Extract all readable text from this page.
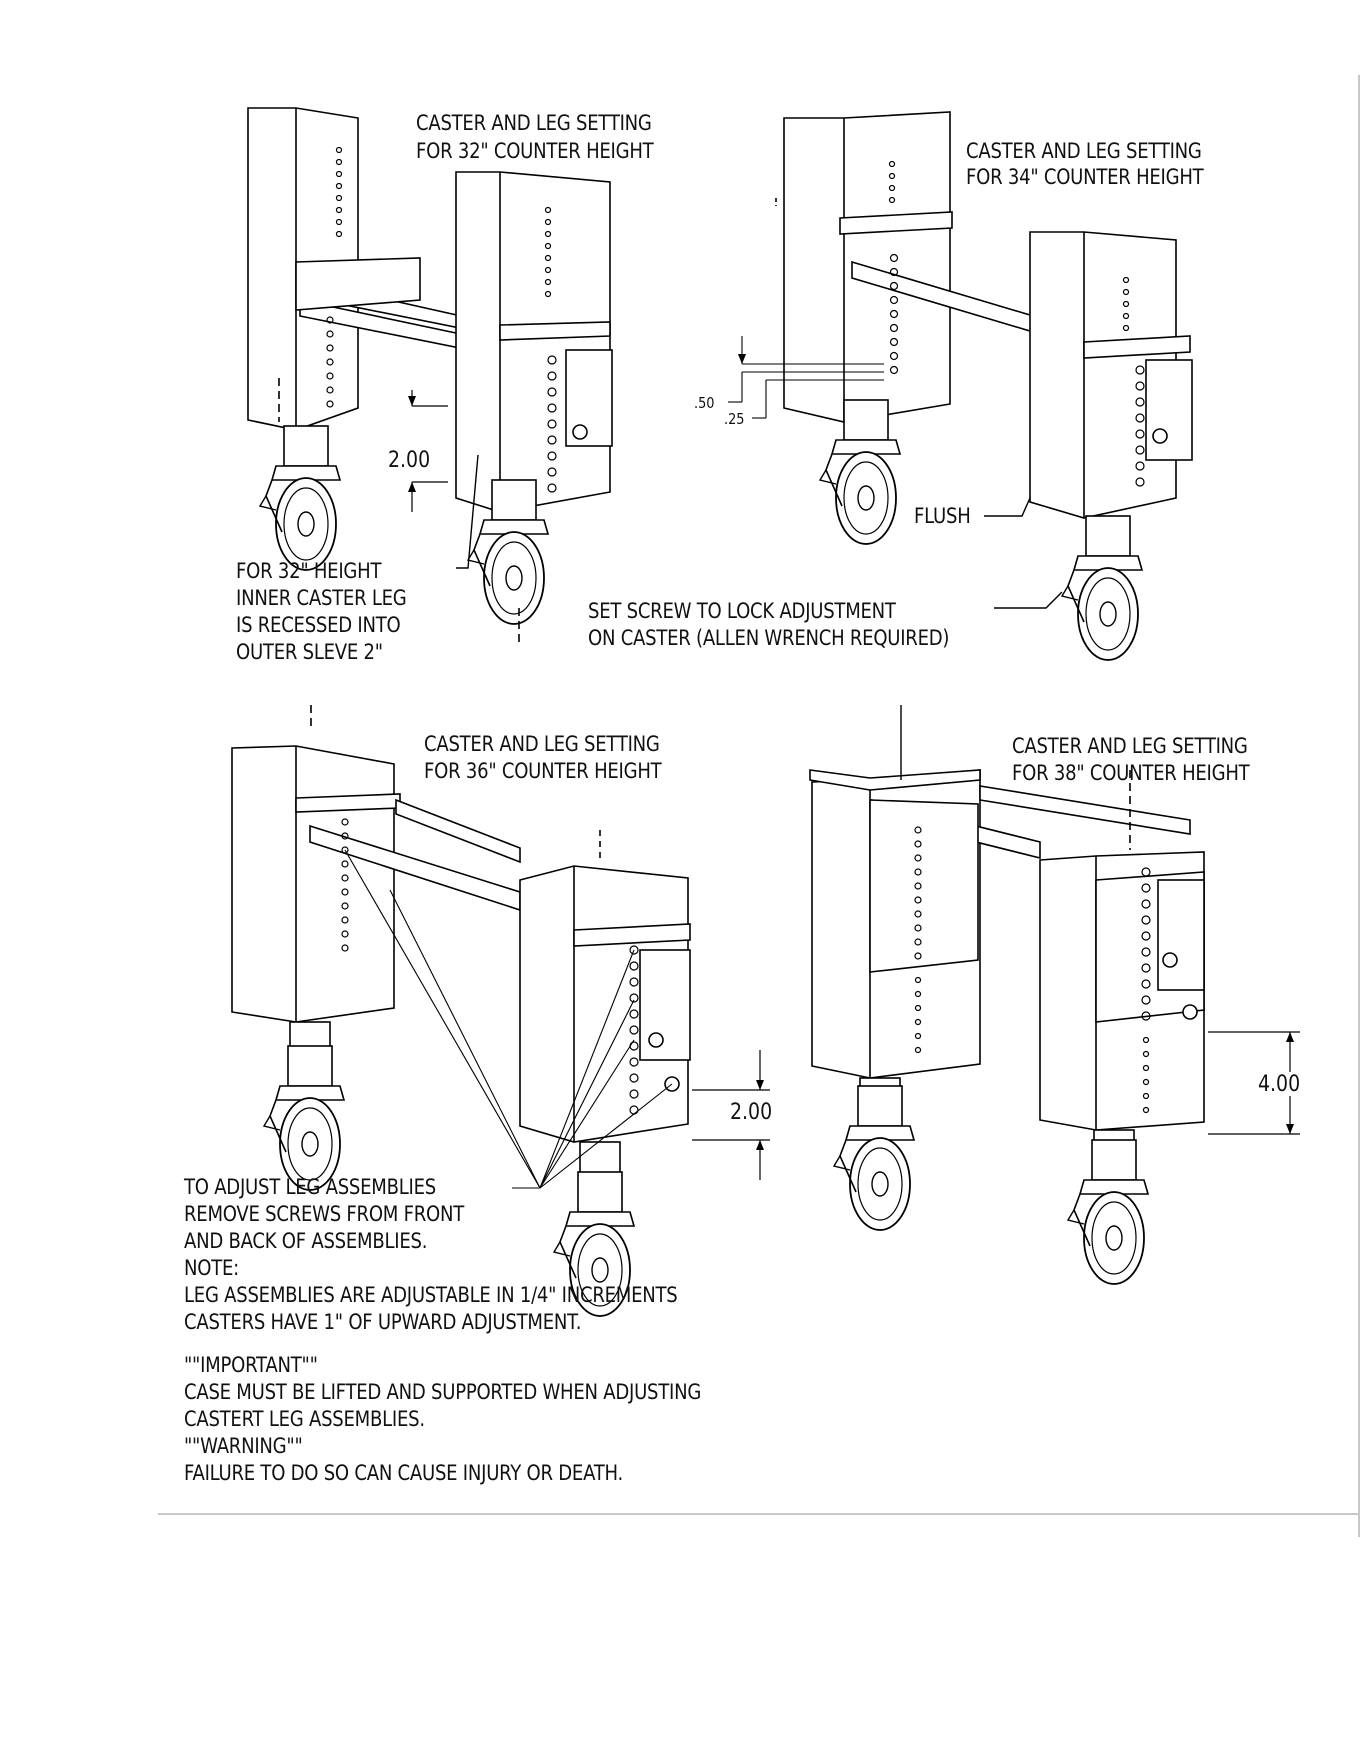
CASTER AND LEG SETTING
FOR 32" COUNTER HEIGHT	CASTER AND LEG SETTING
FOR 34" COUNTER HEIGHT
CASTER AND LEG SETTING
FOR 36" COUNTER HEIGHT
CASTER AND LEG SETTING
FOR 38" COUNTER HEIGHT
FOR 32" HEIGHT
INNER CASTER LEG
IS RECESSED INTO
OUTER SLEVE 2"
SET SCREW TO LOCK ADJUSTMENT
ON CASTER (ALLEN WRENCH REQUIRED)
FLUSH
2.00
.50
.25
2.00
4.00
TO ADJUST LEG ASSEMBLIES
REMOVE SCREWS FROM FRONT
AND BACK OF ASSEMBLIES.
NOTE:
LEG ASSEMBLIES ARE ADJUSTABLE IN 1/4" INCREMENTS
CASTERS HAVE 1" OF UPWARD ADJUSTMENT.
""IMPORTANT""
CASE MUST BE LIFTED AND SUPPORTED WHEN ADJUSTING
CASTERT LEG ASSEMBLIES.
""WARNING""
FAILURE TO DO SO CAN CAUSE INJURY OR DEATH.
